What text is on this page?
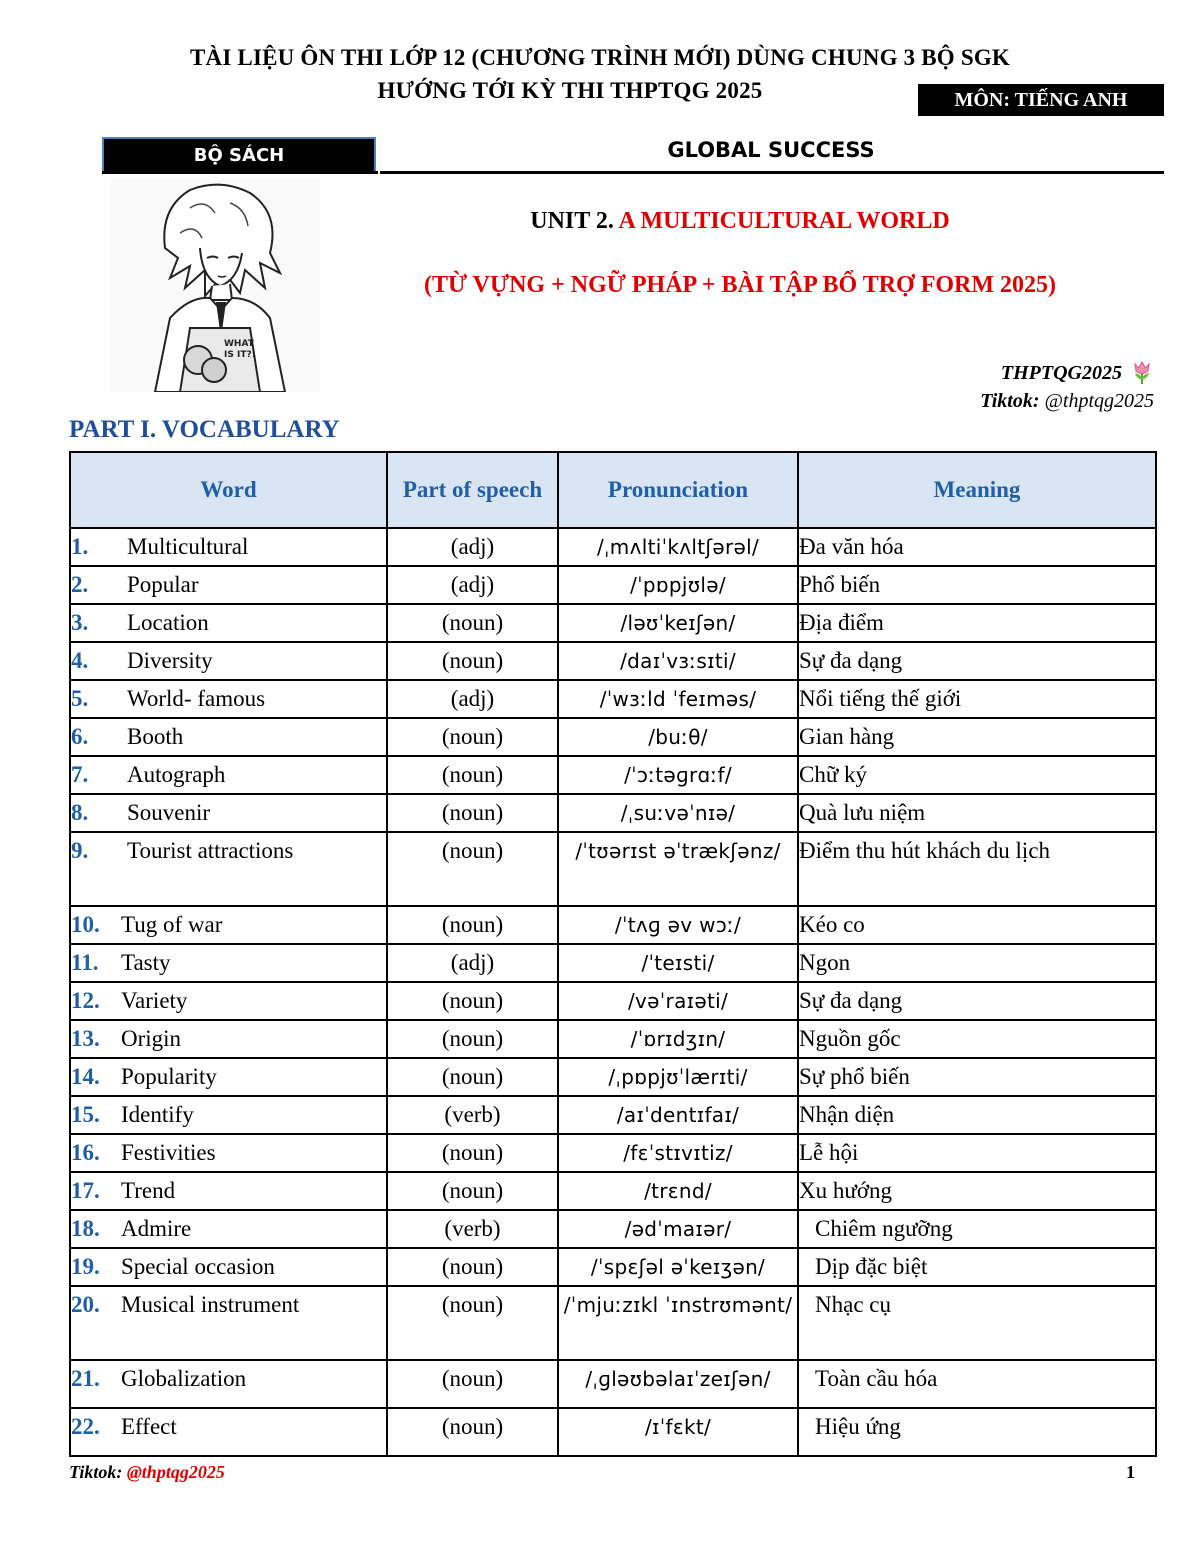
TÀI LIỆU ÔN THI LỚP 12 (CHƯƠNG TRÌNH MỚI) DÙNG CHUNG 3 BỘ SGK
HƯỚNG TỚI KỲ THI THPTQG 2025	MÔN: TIẾNG ANH
BỘ SÁCH	GLOBAL SUCCESS
WHAT
IS IT?!
UNIT 2. A MULTICULTURAL WORLD
(TỪ VỰNG + NGỮ PHÁP + BÀI TẬP BỔ TRỢ FORM 2025)
THPTQG2025
Tiktok: @thptqg2025
PART I. VOCABULARY
Word	Part of speech	Pronunciation	Meaning
1. Multicultural	(adj)	/ˌmʌltiˈkʌltʃərəl/	Đa văn hóa
2. Popular	(adj)	/ˈpɒpjʊlə/	Phổ biến
3. Location	(noun)	/ləʊˈkeɪʃən/	Địa điểm
4. Diversity	(noun)	/daɪˈvɜːsɪti/	Sự đa dạng
5. World- famous	(adj)	/ˈwɜːld ˈfeɪməs/	Nổi tiếng thế giới
6. Booth	(noun)	/buːθ/	Gian hàng
7. Autograph	(noun)	/ˈɔːtəɡrɑːf/	Chữ ký
8. Souvenir	(noun)	/ˌsuːvəˈnɪə/	Quà lưu niệm
9. Tourist attractions	(noun)	/ˈtʊərɪst əˈtrækʃənz/	Điểm thu hút khách du lịch
10. Tug of war	(noun)	/ˈtʌɡ əv wɔː/	Kéo co
11. Tasty	(adj)	/ˈteɪsti/	Ngon
12. Variety	(noun)	/vəˈraɪəti/	Sự đa dạng
13. Origin	(noun)	/ˈɒrɪdʒɪn/	Nguồn gốc
14. Popularity	(noun)	/ˌpɒpjʊˈlærɪti/	Sự phổ biến
15. Identify	(verb)	/aɪˈdentɪfaɪ/	Nhận diện
16. Festivities	(noun)	/fɛˈstɪvɪtiz/	Lễ hội
17. Trend	(noun)	/trɛnd/	Xu hướng
18. Admire	(verb)	/ədˈmaɪər/	Chiêm ngưỡng
19. Special occasion	(noun)	/ˈspɛʃəl əˈkeɪʒən/	Dịp đặc biệt
20. Musical instrument	(noun)	/ˈmjuːzɪkl ˈɪnstrʊmənt/	Nhạc cụ
21. Globalization	(noun)	/ˌɡləʊbəlaɪˈzeɪʃən/	Toàn cầu hóa
22. Effect	(noun)	/ɪˈfɛkt/	Hiệu ứng
Tiktok: @thptqg2025	1
